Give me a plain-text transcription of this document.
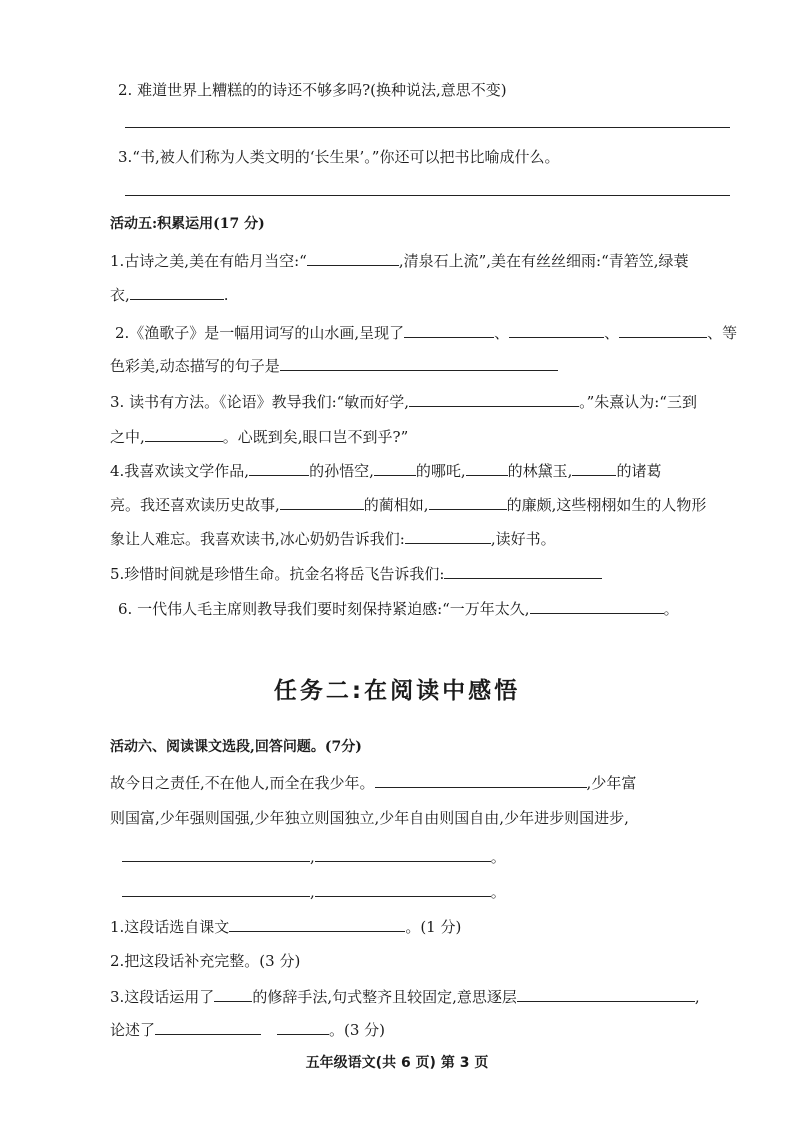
2. 难道世界上糟糕的的诗还不够多吗?(换种说法,意思不变)
3.“书,被人们称为人类文明的‘长生果’。”你还可以把书比喻成什么。
活动五:积累运用(17 分)
1.古诗之美,美在有皓月当空:“	,清泉石上流”,美在有丝丝细雨:“青箬笠,绿蓑
衣,	.
2.《渔歌子》是一幅用词写的山水画,呈现了	、	、	、等
色彩美,动态描写的句子是
3. 读书有方法。《论语》教导我们:“敏而好学,	。”朱熹认为:“三到
之中,	。心既到矣,眼口岂不到乎?”
4.我喜欢读文学作品,	的孙悟空,	的哪吒,	的林黛玉,	的诸葛
亮。我还喜欢读历史故事,	的蔺相如,	的廉颇,这些栩栩如生的人物形
象让人难忘。我喜欢读书,冰心奶奶告诉我们:	,读好书。
5.珍惜时间就是珍惜生命。抗金名将岳飞告诉我们:
6. 一代伟人毛主席则教导我们要时刻保持紧迫感:“一万年太久,	。
任务二:在阅读中感悟
活动六、阅读课文选段,回答问题。(7分)
故今日之责任,不在他人,而全在我少年。	,少年富
则国富,少年强则国强,少年独立则国独立,少年自由则国自由,少年进步则国进步,
,	。
,	。
1.这段话选自课文	。(1 分)
2.把这段话补充完整。(3 分)
3.这段话运用了	的修辞手法,句式整齐且较固定,意思逐层	,
论述了	。(3 分)
五年级语文(共 6 页) 第 3 页
